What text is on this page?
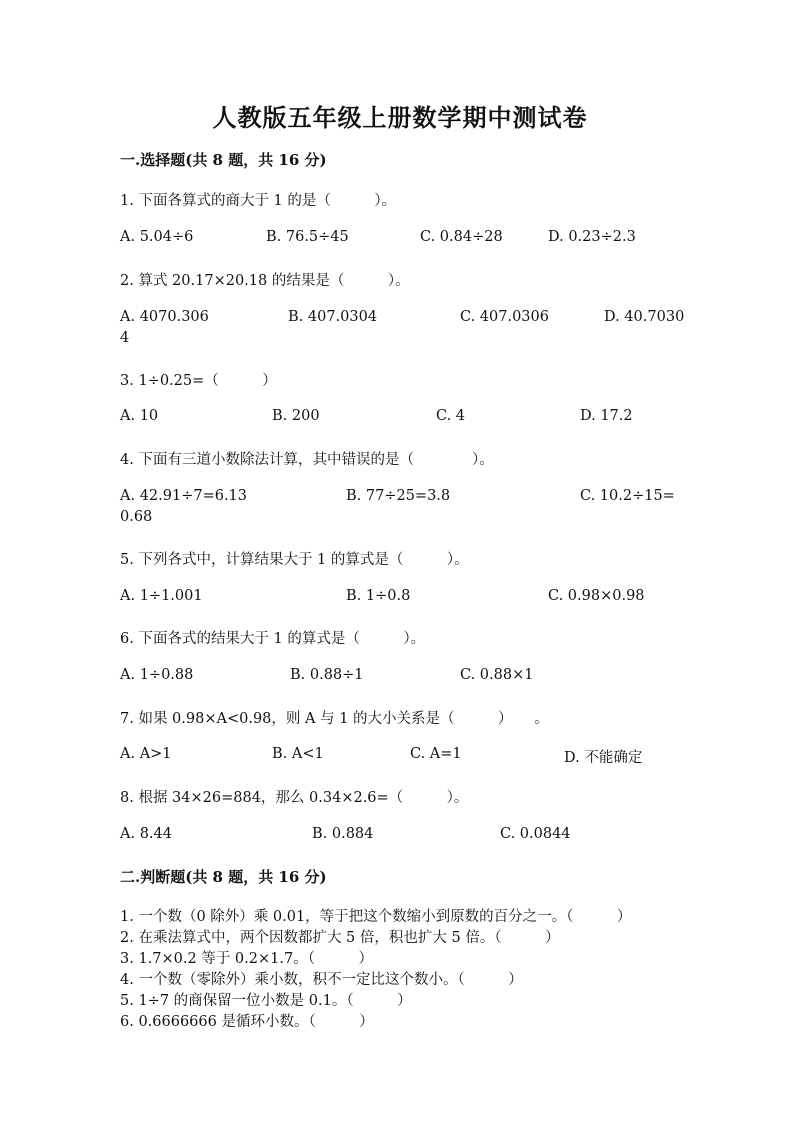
人教版五年级上册数学期中测试卷
一.选择题(共 8 题，共 16 分)
1. 下面各算式的商大于 1 的是（　　　）。
A. 5.04÷6	B. 76.5÷45	C. 0.84÷28	D. 0.23÷2.3
2. 算式 20.17×20.18 的结果是（　　　）。
A. 4070.306	B. 407.0304	C. 407.0306	D. 40.7030
4
3. 1÷0.25=（　　　）
A. 10	B. 200	C. 4	D. 17.2
4. 下面有三道小数除法计算，其中错误的是（　　　　）。
A. 42.91÷7=6.13	B. 77÷25=3.8	C. 10.2÷15=
0.68
5. 下列各式中，计算结果大于 1 的算式是（　　　）。
A. 1÷1.001	B. 1÷0.8	C. 0.98×0.98
6. 下面各式的结果大于 1 的算式是（　　　）。
A. 1÷0.88	B. 0.88÷1	C. 0.88×1
7. 如果 0.98×A<0.98，则 A 与 1 的大小关系是（　　　）　　。
A. A>1	B. A<1	C. A=1	D. 不能确定
8. 根据 34×26=884，那么 0.34×2.6=（　　　）。
A. 8.44	B. 0.884	C. 0.0844
二.判断题(共 8 题，共 16 分)
1. 一个数（0 除外）乘 0.01，等于把这个数缩小到原数的百分之一。（　　　）
2. 在乘法算式中，两个因数都扩大 5 倍，积也扩大 5 倍。（　　　）
3. 1.7×0.2 等于 0.2×1.7。（　　　）
4. 一个数（零除外）乘小数，积不一定比这个数小。（　　　）
5. 1÷7 的商保留一位小数是 0.1。（　　　）
6. 0.6666666 是循环小数。（　　　）
